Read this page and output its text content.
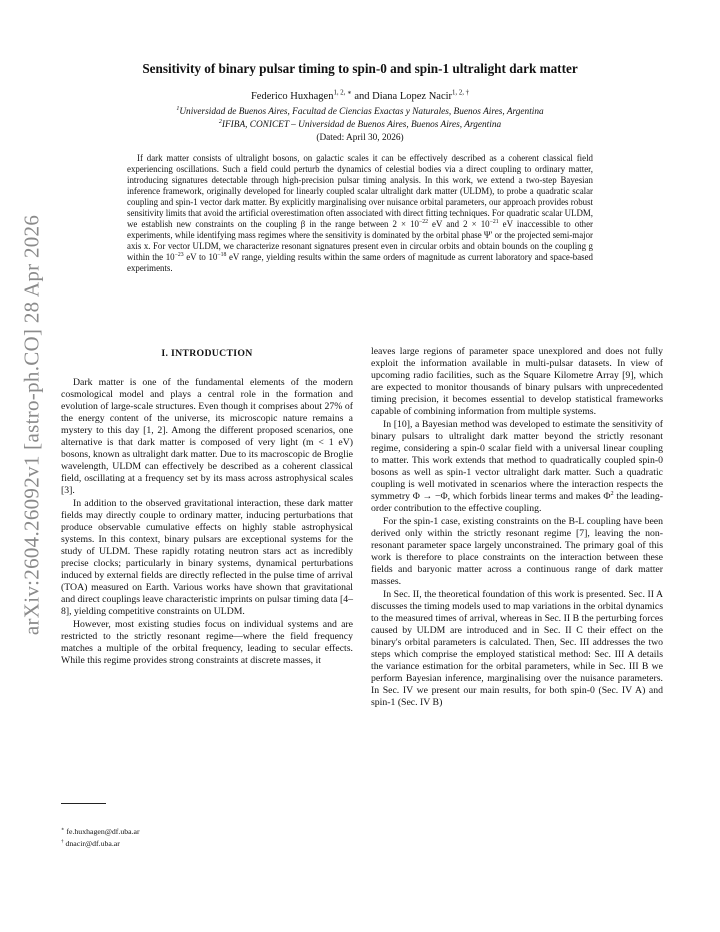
arXiv:2604.26092v1 [astro-ph.CO] 28 Apr 2026
Sensitivity of binary pulsar timing to spin-0 and spin-1 ultralight dark matter
Federico Huxhagen$^{1, 2, ∗}$ and Diana Lopez Nacir$^{1, 2, \dagger}$
$^1$Universidad de Buenos Aires, Facultad de Ciencias Exactas y Naturales, Buenos Aires, Argentina
$^2$IFIBA, CONICET – Universidad de Buenos Aires, Buenos Aires, Argentina
(Dated: April 30, 2026)
If dark matter consists of ultralight bosons, on galactic scales it can be effectively described as a coherent classical field experiencing oscillations. Such a field could perturb the dynamics of celestial bodies via a direct coupling to ordinary matter, introducing signatures detectable through high-precision pulsar timing analysis. In this work, we extend a two-step Bayesian inference framework, originally developed for linearly coupled scalar ultralight dark matter (ULDM), to probe a quadratic scalar coupling and spin-1 vector dark matter. By explicitly marginalising over nuisance orbital parameters, our approach provides robust sensitivity limits that avoid the artificial overestimation often associated with direct fitting techniques. For quadratic scalar ULDM, we establish new constraints on the coupling β in the range between $2 \times 10^{-22}$ eV and $2 \times 10^{-21}$ eV inaccessible to other experiments, while identifying mass regimes where the sensitivity is dominated by the orbital phase Ψ′ or the projected semi-major axis x. For vector ULDM, we characterize resonant signatures present even in circular orbits and obtain bounds on the coupling g within the $10^{-23}$ eV to $10^{-18}$ eV range, yielding results within the same orders of magnitude as current laboratory and space-based experiments.
I. INTRODUCTION

Dark matter is one of the fundamental elements of the modern cosmological model and plays a central role in the formation and evolution of large-scale structures. Even though it comprises about 27% of the energy content of the universe, its microscopic nature remains a mystery to this day [1, 2]. Among the different proposed scenarios, one alternative is that dark matter is composed of very light (m < 1 eV) bosons, known as ultralight dark matter. Due to its macroscopic de Broglie wavelength, ULDM can effectively be described as a coherent classical field, oscillating at a frequency set by its mass across astrophysical scales [3].

In addition to the observed gravitational interaction, these dark matter fields may directly couple to ordinary matter, inducing perturbations that produce observable cumulative effects on highly stable astrophysical systems. In this context, binary pulsars are exceptional systems for the study of ULDM. These rapidly rotating neutron stars act as incredibly precise clocks; particularly in binary systems, dynamical perturbations induced by external fields are directly reflected in the pulse time of arrival (TOA) measured on Earth. Various works have shown that gravitational and direct couplings leave characteristic imprints on pulsar timing data [4–8], yielding competitive constraints on ULDM.

However, most existing studies focus on individual systems and are restricted to the strictly resonant regime—where the field frequency matches a multiple of the orbital frequency, leading to secular effects. While this regime provides strong constraints at discrete masses, it

leaves large regions of parameter space unexplored and does not fully exploit the information available in multi-pulsar datasets. In view of upcoming radio facilities, such as the Square Kilometre Array [9], which are expected to monitor thousands of binary pulsars with unprecedented timing precision, it becomes essential to develop statistical frameworks capable of combining information from multiple systems.

In [10], a Bayesian method was developed to estimate the sensitivity of binary pulsars to ultralight dark matter beyond the strictly resonant regime, considering a spin-0 scalar field with a universal linear coupling to matter. This work extends that method to quadratically coupled spin-0 bosons as well as spin-1 vector ultralight dark matter. Such a quadratic coupling is well motivated in scenarios where the interaction respects the symmetry Φ → −Φ, which forbids linear terms and makes $\Phi^2$ the leading-order contribution to the effective coupling.

For the spin-1 case, existing constraints on the B-L coupling have been derived only within the strictly resonant regime [7], leaving the non-resonant parameter space largely unconstrained. The primary goal of this work is therefore to place constraints on the interaction between these fields and baryonic matter across a continuous range of dark matter masses.

In Sec. II, the theoretical foundation of this work is presented. Sec. II A discusses the timing models used to map variations in the orbital dynamics to the measured times of arrival, whereas in Sec. II B the perturbing forces caused by ULDM are introduced and in Sec. II C their effect on the binary's orbital parameters is calculated. Then, Sec. III addresses the two steps which comprise the employed statistical method: Sec. III A details the variance estimation for the orbital parameters, while in Sec. III B we perform Bayesian inference, marginalising over the nuisance parameters. In Sec. IV we present our main results, for both spin-0 (Sec. IV A) and spin-1 (Sec. IV B)

∗ fe.huxhagen@df.uba.ar
† dnacir@df.uba.ar
